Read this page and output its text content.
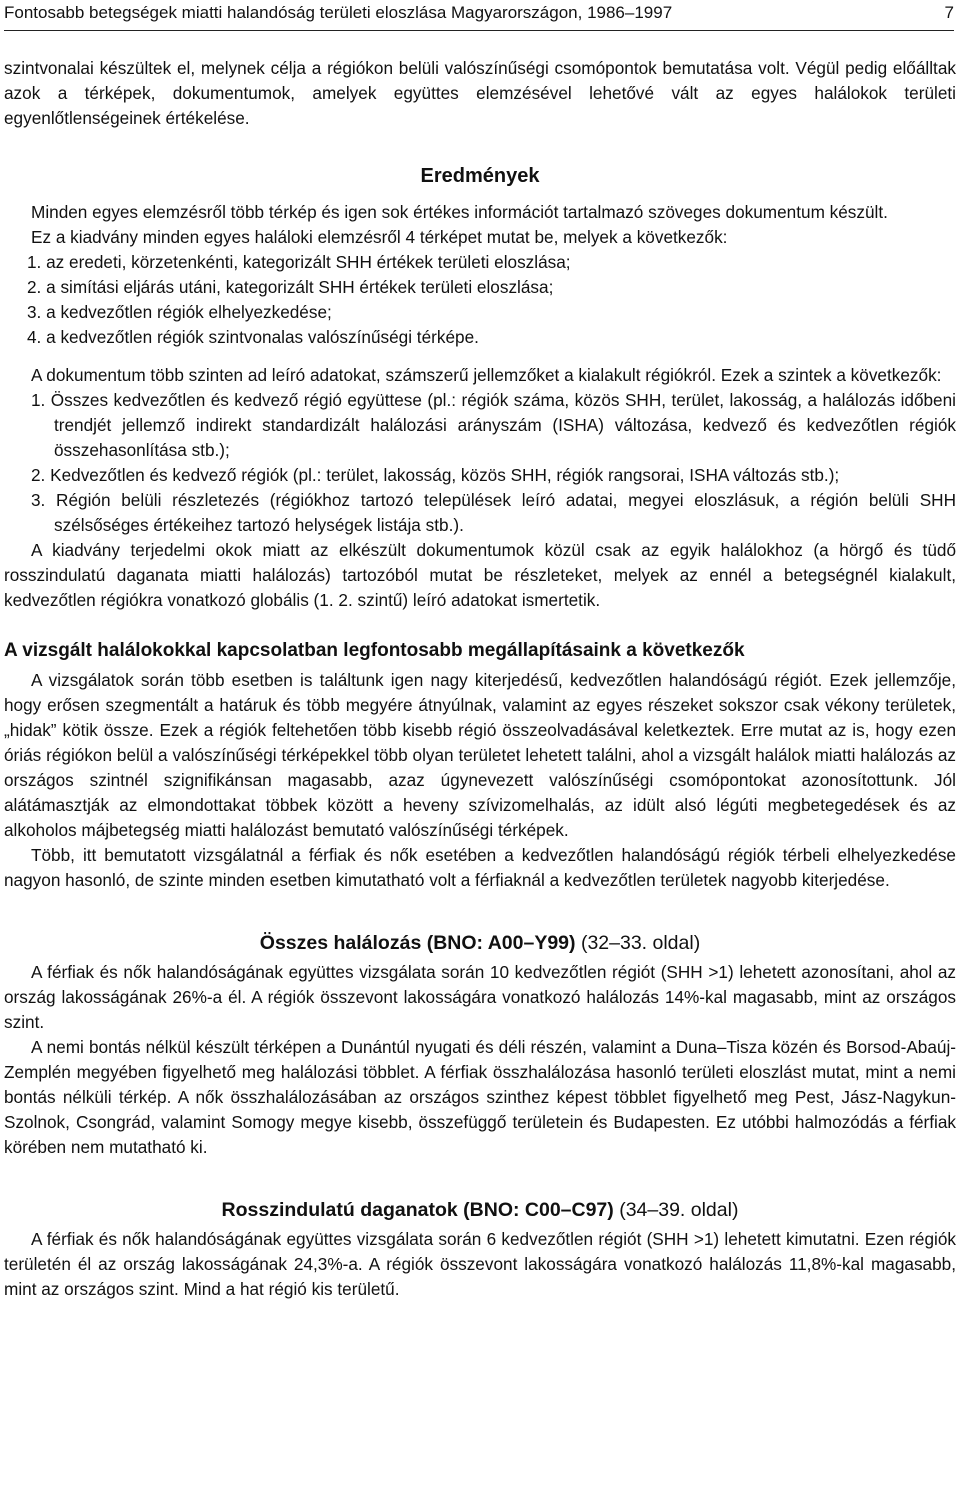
Fontosabb betegségek miatti halandóság területi eloszlása Magyarországon, 1986–1997	7

szintvonalai készültek el, melynek célja a régiókon belüli valószínűségi csomópontok bemutatása volt. Végül pedig előálltak azok a térképek, dokumentumok, amelyek együttes elemzésével lehetővé vált az egyes halálokok területi egyenlőtlenségeinek értékelése.

Eredmények

Minden egyes elemzésről több térkép és igen sok értékes információt tartalmazó szöveges dokumentum készült.

Ez a kiadvány minden egyes haláloki elemzésről 4 térképet mutat be, melyek a következők:

1. az eredeti, körzetenkénti, kategorizált SHH értékek területi eloszlása;

2. a simítási eljárás utáni, kategorizált SHH értékek területi eloszlása;

3. a kedvezőtlen régiók elhelyezkedése;

4. a kedvezőtlen régiók szintvonalas valószínűségi térképe.

A dokumentum több szinten ad leíró adatokat, számszerű jellemzőket a kialakult régiókról. Ezek a szintek a következők:

1. Összes kedvezőtlen és kedvező régió együttese (pl.: régiók száma, közös SHH, terület, lakosság, a halálozás időbeni trendjét jellemző indirekt standardizált halálozási arányszám (ISHA) változása, kedvező és kedvezőtlen régiók összehasonlítása stb.);

2. Kedvezőtlen és kedvező régiók (pl.: terület, lakosság, közös SHH, régiók rangsorai, ISHA változás stb.);

3. Régión belüli részletezés (régiókhoz tartozó települések leíró adatai, megyei eloszlásuk, a régión belüli SHH szélsőséges értékeihez tartozó helységek listája stb.).

A kiadvány terjedelmi okok miatt az elkészült dokumentumok közül csak az egyik halálokhoz (a hörgő és tüdő rosszindulatú daganata miatti halálozás) tartozóból mutat be részleteket, melyek az ennél a betegségnél kialakult, kedvezőtlen régiókra vonatkozó globális (1. 2. szintű) leíró adatokat ismertetik.

A vizsgált halálokokkal kapcsolatban legfontosabb megállapításaink a következők

A vizsgálatok során több esetben is találtunk igen nagy kiterjedésű, kedvezőtlen halandóságú régiót. Ezek jellemzője, hogy erősen szegmentált a határuk és több megyére átnyúlnak, valamint az egyes részeket sokszor csak vékony területek, „hidak” kötik össze. Ezek a régiók feltehetően több kisebb régió összeolvadásával keletkeztek. Erre mutat az is, hogy ezen óriás régiókon belül a valószínűségi térképekkel több olyan területet lehetett találni, ahol a vizsgált halálok miatti halálozás az országos szintnél szignifikánsan magasabb, azaz úgynevezett valószínűségi csomópontokat azonosítottunk. Jól alátámasztják az elmondottakat többek között a heveny szívizomelhalás, az idült alsó légúti megbetegedések és az alkoholos májbetegség miatti halálozást bemutató valószínűségi térképek.

Több, itt bemutatott vizsgálatnál a férfiak és nők esetében a kedvezőtlen halandóságú régiók térbeli elhelyezkedése nagyon hasonló, de szinte minden esetben kimutatható volt a férfiaknál a kedvezőtlen területek nagyobb kiterjedése.

Összes halálozás (BNO: A00–Y99) (32–33. oldal)

A férfiak és nők halandóságának együttes vizsgálata során 10 kedvezőtlen régiót (SHH >1) lehetett azonosítani, ahol az ország lakosságának 26%-a él. A régiók összevont lakosságára vonatkozó halálozás 14%-kal magasabb, mint az országos szint.

A nemi bontás nélkül készült térképen a Dunántúl nyugati és déli részén, valamint a Duna–Tisza közén és Borsod-Abaúj-Zemplén megyében figyelhető meg halálozási többlet. A férfiak összhalálozása hasonló területi eloszlást mutat, mint a nemi bontás nélküli térkép. A nők összhalálozásában az országos szinthez képest többlet figyelhető meg Pest, Jász-Nagykun-Szolnok, Csongrád, valamint Somogy megye kisebb, összefüggő területein és Budapesten. Ez utóbbi halmozódás a férfiak körében nem mutatható ki.

Rosszindulatú daganatok (BNO: C00–C97) (34–39. oldal)

A férfiak és nők halandóságának együttes vizsgálata során 6 kedvezőtlen régiót (SHH >1) lehetett kimutatni. Ezen régiók területén él az ország lakosságának 24,3%-a. A régiók összevont lakosságára vonatkozó halálozás 11,8%-kal magasabb, mint az országos szint. Mind a hat régió kis területű.
